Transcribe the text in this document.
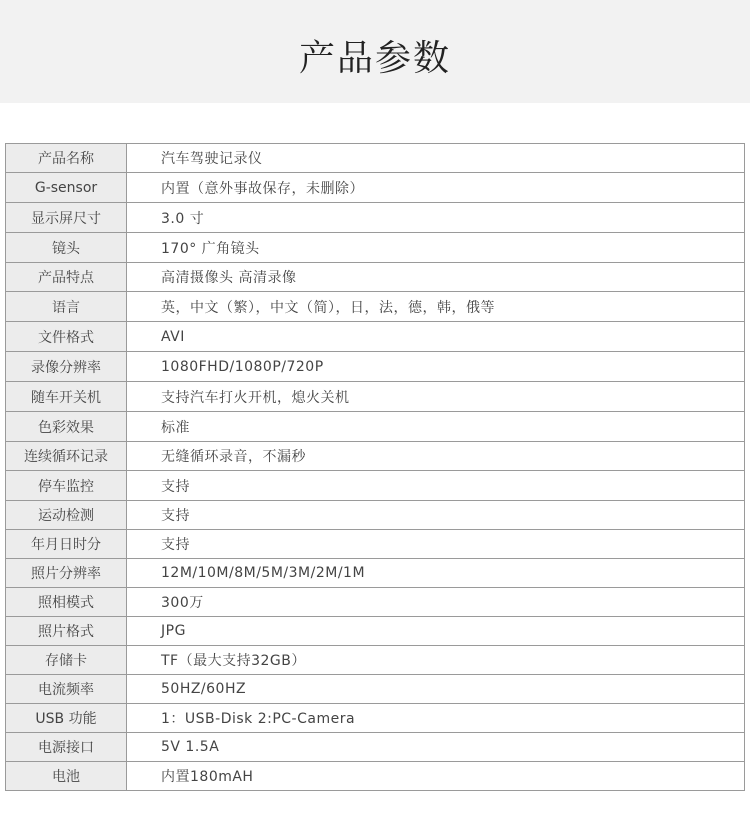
产品参数
产品名称	汽车驾驶记录仪
G-sensor	内置（意外事故保存，未删除）
显示屏尺寸	3.0 寸
镜头	170° 广角镜头
产品特点	高清摄像头 高清录像
语言	英，中文（繁），中文（简），日，法，德，韩，俄等
文件格式	AVI
录像分辨率	1080FHD/1080P/720P
随车开关机	支持汽车打火开机，熄火关机
色彩效果	标准
连续循环记录	无缝循环录音，不漏秒
停车监控	支持
运动检测	支持
年月日时分	支持
照片分辨率	12M/10M/8M/5M/3M/2M/1M
照相模式	300万
照片格式	JPG
存储卡	TF（最大支持32GB）
电流频率	50HZ/60HZ
USB 功能	1：USB-Disk 2:PC-Camera
电源接口	5V 1.5A
电池	内置180mAH
